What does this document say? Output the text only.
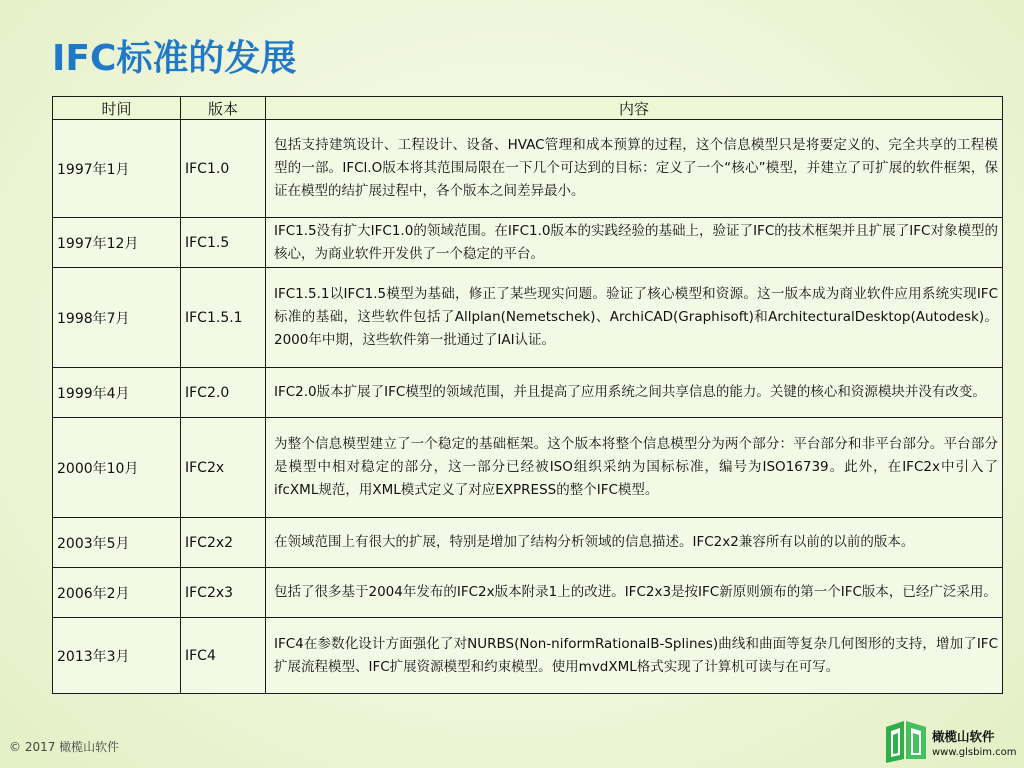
IFC标准的发展
时间	版本	内容
1997年1月	IFC1.0	包括支持建筑设计、工程设计、设备、HVAC管理和成本预算的过程，这个信息模型只是将要定义的、完全共享的工程模型的一部。IFCl.O版本将其范围局限在一下几个可达到的目标：定义了一个“核心”模型，并建立了可扩展的软件框架，保证在模型的结扩展过程中，各个版本之间差异最小。
1997年12月	IFC1.5	IFC1.5没有扩大IFC1.0的领域范围。在IFC1.0版本的实践经验的基础上，验证了IFC的技术框架并且扩展了IFC对象模型的核心，为商业软件开发供了一个稳定的平台。
1998年7月	IFC1.5.1	IFC1.5.1以IFC1.5模型为基础，修正了某些现实问题。验证了核心模型和资源。这一版本成为商业软件应用系统实现IFC标准的基础，这些软件包括了Allplan(Nemetschek)、ArchiCAD(Graphisoft)和ArchitecturalDesktop(Autodesk)。2000年中期，这些软件第一批通过了IAI认证。
1999年4月	IFC2.0	IFC2.0版本扩展了IFC模型的领域范围，并且提高了应用系统之间共享信息的能力。关键的核心和资源模块并没有改变。
2000年10月	IFC2x	为整个信息模型建立了一个稳定的基础框架。这个版本将整个信息模型分为两个部分：平台部分和非平台部分。平台部分是模型中相对稳定的部分，这一部分已经被ISO组织采纳为国标标准，编号为ISO16739。此外，在IFC2x中引入了ifcXML规范，用XML模式定义了对应EXPRESS的整个IFC模型。
2003年5月	IFC2x2	在领域范围上有很大的扩展，特别是增加了结构分析领域的信息描述。IFC2x2兼容所有以前的以前的版本。
2006年2月	IFC2x3	包括了很多基于2004年发布的IFC2x版本附录1上的改进。IFC2x3是按IFC新原则颁布的第一个IFC版本，已经广泛采用。
2013年3月	IFC4	IFC4在参数化设计方面强化了对NURBS(Non-niformRationalB-Splines)曲线和曲面等复杂几何图形的支持，增加了IFC扩展流程模型、IFC扩展资源模型和约束模型。使用mvdXML格式实现了计算机可读与在可写。
© 2017 橄榄山软件
橄榄山软件
www.glsbim.com
